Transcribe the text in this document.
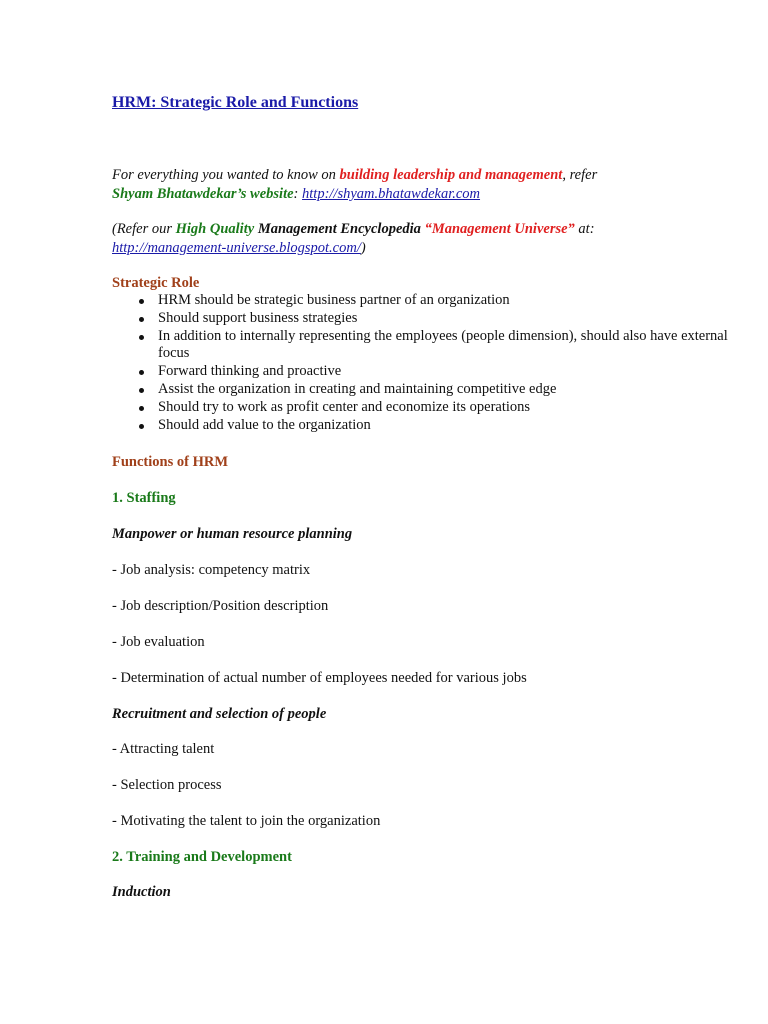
HRM: Strategic Role and Functions
For everything you wanted to know on building leadership and management, refer
Shyam Bhatawdekar’s website: http://shyam.bhatawdekar.com
(Refer our High Quality Management Encyclopedia “Management Universe” at:
http://management-universe.blogspot.com/)

Strategic Role

HRM should be strategic business partner of an organization
Should support business strategies
In addition to internally representing the employees (people dimension), should also have external focus
Forward thinking and proactive
Assist the organization in creating and maintaining competitive edge
Should try to work as profit center and economize its operations
Should add value to the organization

Functions of HRM

1. Staffing

Manpower or human resource planning

- Job analysis: competency matrix

- Job description/Position description

- Job evaluation

- Determination of actual number of employees needed for various jobs

Recruitment and selection of people

- Attracting talent

- Selection process

- Motivating the talent to join the organization

2. Training and Development

Induction
